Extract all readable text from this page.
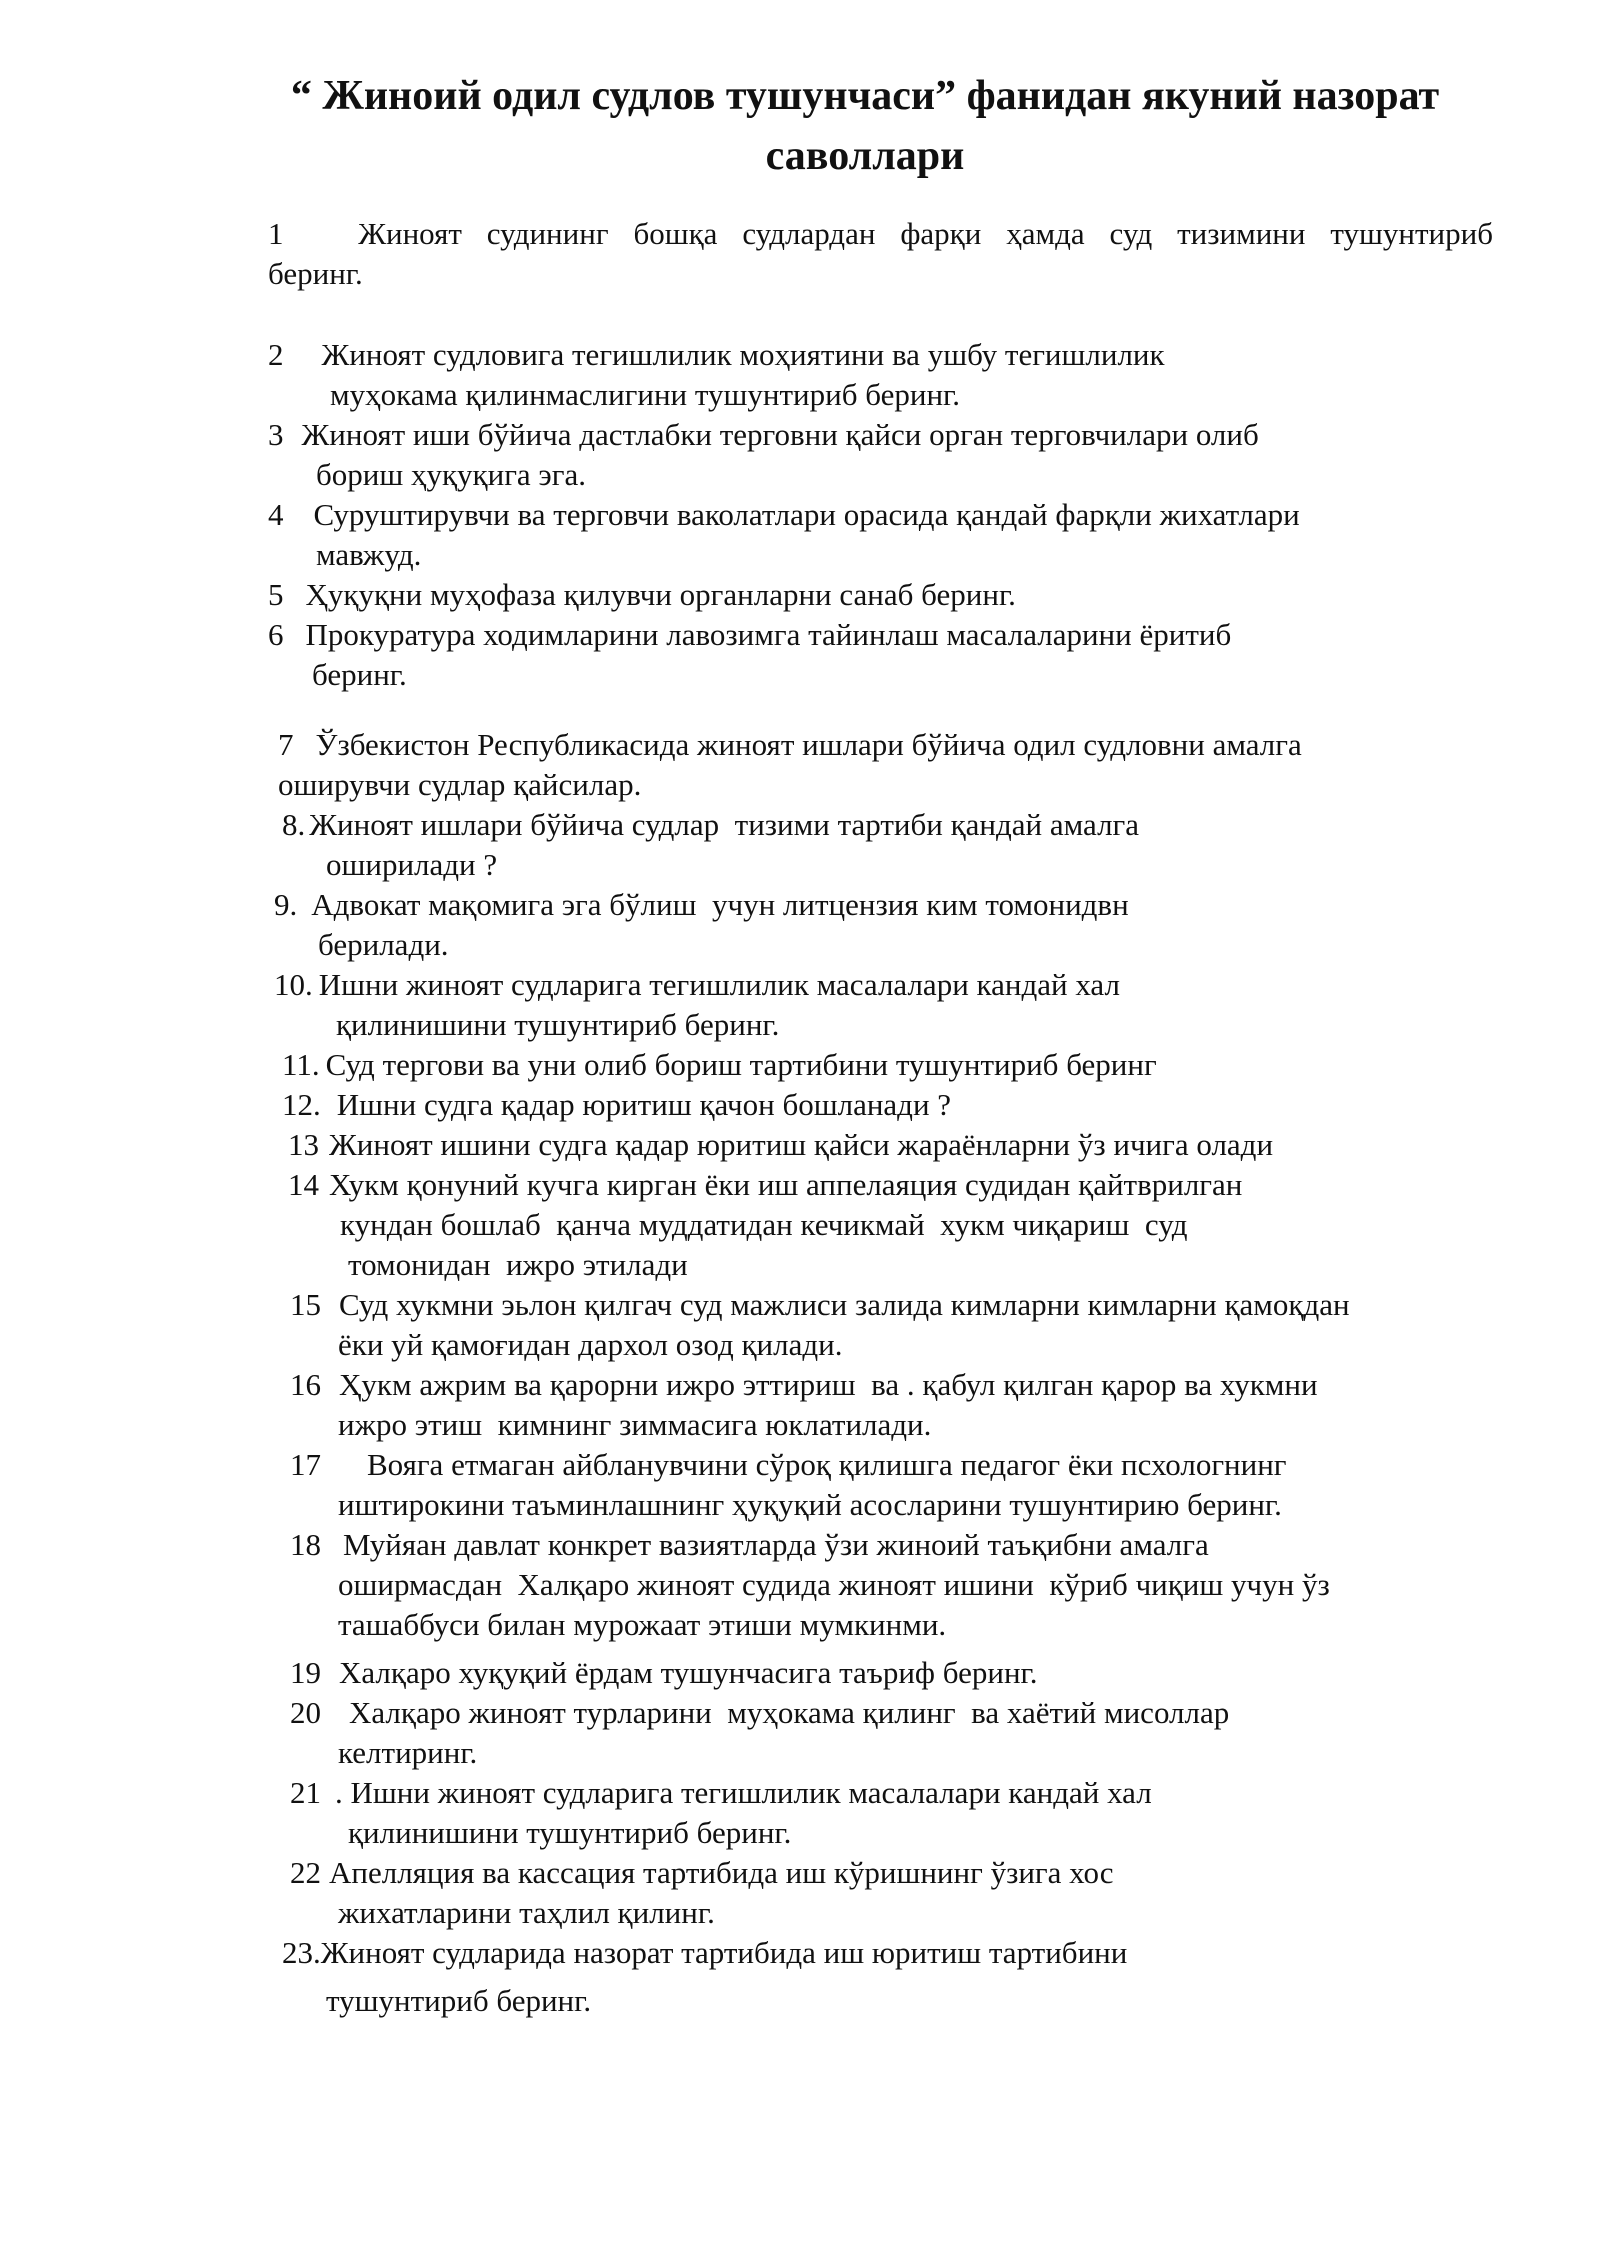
“ Жиноий одил судлов тушунчаси” фанидан якуний назорат саволлари
1 Жиноят судининг бошқа судлардан фарқи ҳамда суд тизимини тушунтириб
беринг.
2 Жиноят судловига тегишлилик моҳиятини ва ушбу тегишлилик
муҳокама қилинмаслигини тушунтириб беринг.
3 Жиноят иши бўйича дастлабки терговни қайси орган терговчилари олиб
бориш ҳуқуқига эга.
4 Суруштирувчи ва терговчи ваколатлари орасида қандай фарқли жихатлари
мавжуд.
5 Ҳуқуқни муҳофаза қилувчи органларни санаб беринг.
6 Прокуратура ходимларини лавозимга тайинлаш масалаларини ёритиб
беринг.
7 Ўзбекистон Республикасида жиноят ишлари бўйича одил судловни амалга
оширувчи судлар қайсилар.
8. Жиноят ишлари бўйича судлар  тизими тартиби қандай амалга
оширилади ?
9. Адвокат мақомига эга бўлиш  учун литцензия ким томонидвн
берилади.
10. Ишни жиноят судларига тегишлилик масалалари кандай хал
қилинишини тушунтириб беринг.
11. Суд тергови ва уни олиб бориш тартибини тушунтириб беринг
12. Ишни судга қадар юритиш қачон бошланади ?
13 Жиноят ишини судга қадар юритиш қайси жараёнларни ўз ичига олади
14 Хукм қонуний кучга кирган ёки иш аппелаяция судидан қайтврилган
кундан бошлаб  қанча муддатидан кечикмай  хукм чиқариш  суд
томонидан  ижро этилади
15 Суд хукмни эьлон қилгач суд мажлиси залида кимларни кимларни қамоқдан
ёки уй қамоғидан дархол озод қилади.
16 Ҳукм ажрим ва қарорни ижро эттириш  ва . қабул қилган қарор ва хукмни
ижро этиш  кимнинг зиммасига юклатилади.
17 Вояга етмаган айбланувчини сўроқ қилишга педагог ёки псхологнинг
иштирокини таъминлашнинг ҳуқуқий асосларини тушунтирию беринг.
18 Муйяан давлат конкрет вазиятларда ўзи жиноий таъқибни амалга
оширмасдан  Халқаро жиноят судида жиноят ишини  кўриб чиқиш учун ўз
ташаббуси билан мурожаат этиши мумкинми.
19 Халқаро хуқуқий ёрдам тушунчасига таъриф беринг.
20 Халқаро жиноят турларини  муҳокама қилинг  ва хаётий мисоллар
келтиринг.
21 . Ишни жиноят судларига тегишлилик масалалари кандай хал
қилинишини тушунтириб беринг.
22 Апелляция ва кассация тартибида иш кўришнинг ўзига хос
жихатларини таҳлил қилинг.
23.Жиноят судларида назорат тартибида иш юритиш тартибини
тушунтириб беринг.
